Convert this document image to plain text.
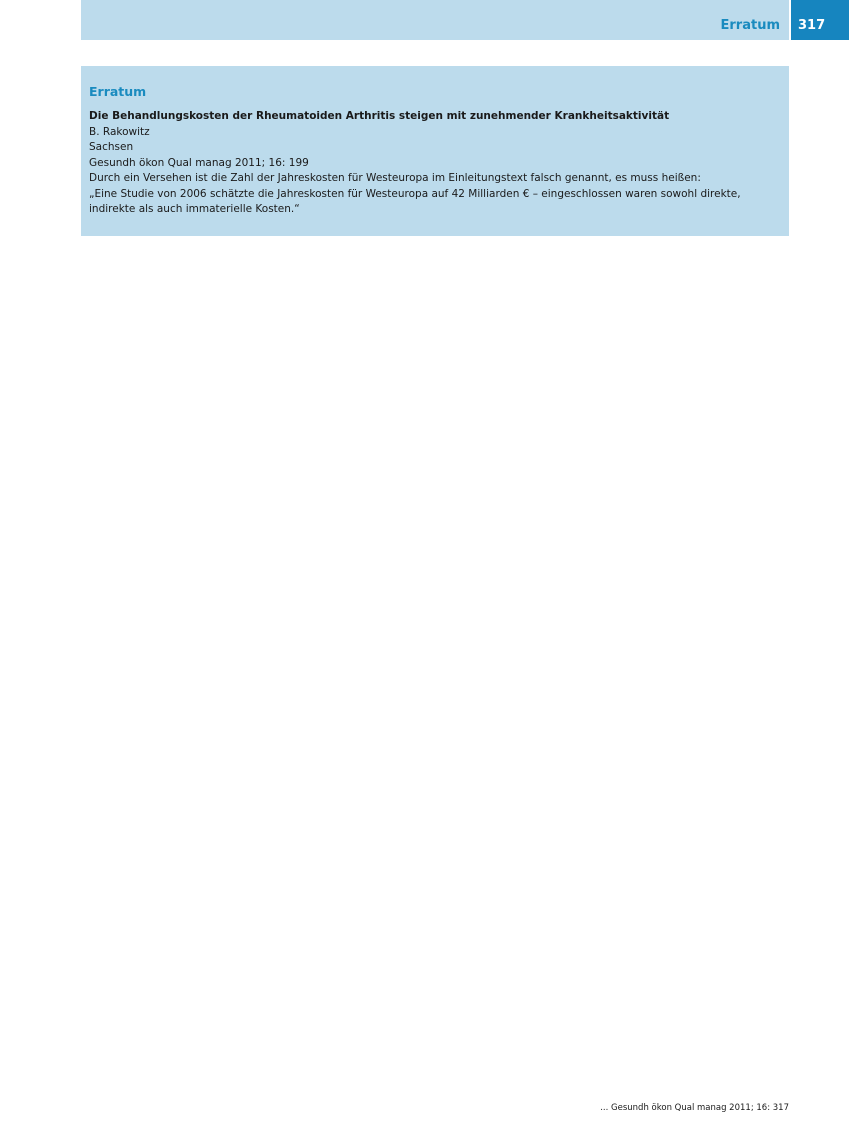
Erratum 317
Erratum
Die Behandlungskosten der Rheumatoiden Arthritis steigen mit zunehmender Krankheitsaktivität
B. Rakowitz
Sachsen
Gesundh ökon Qual manag 2011; 16: 199
Durch ein Versehen ist die Zahl der Jahreskosten für Westeuropa im Einleitungstext falsch genannt, es muss heißen:
„Eine Studie von 2006 schätzte die Jahreskosten für Westeuropa auf 42 Milliarden € – eingeschlossen waren sowohl direkte, indirekte als auch immaterielle Kosten.“
... Gesundh ökon Qual manag 2011; 16: 317
